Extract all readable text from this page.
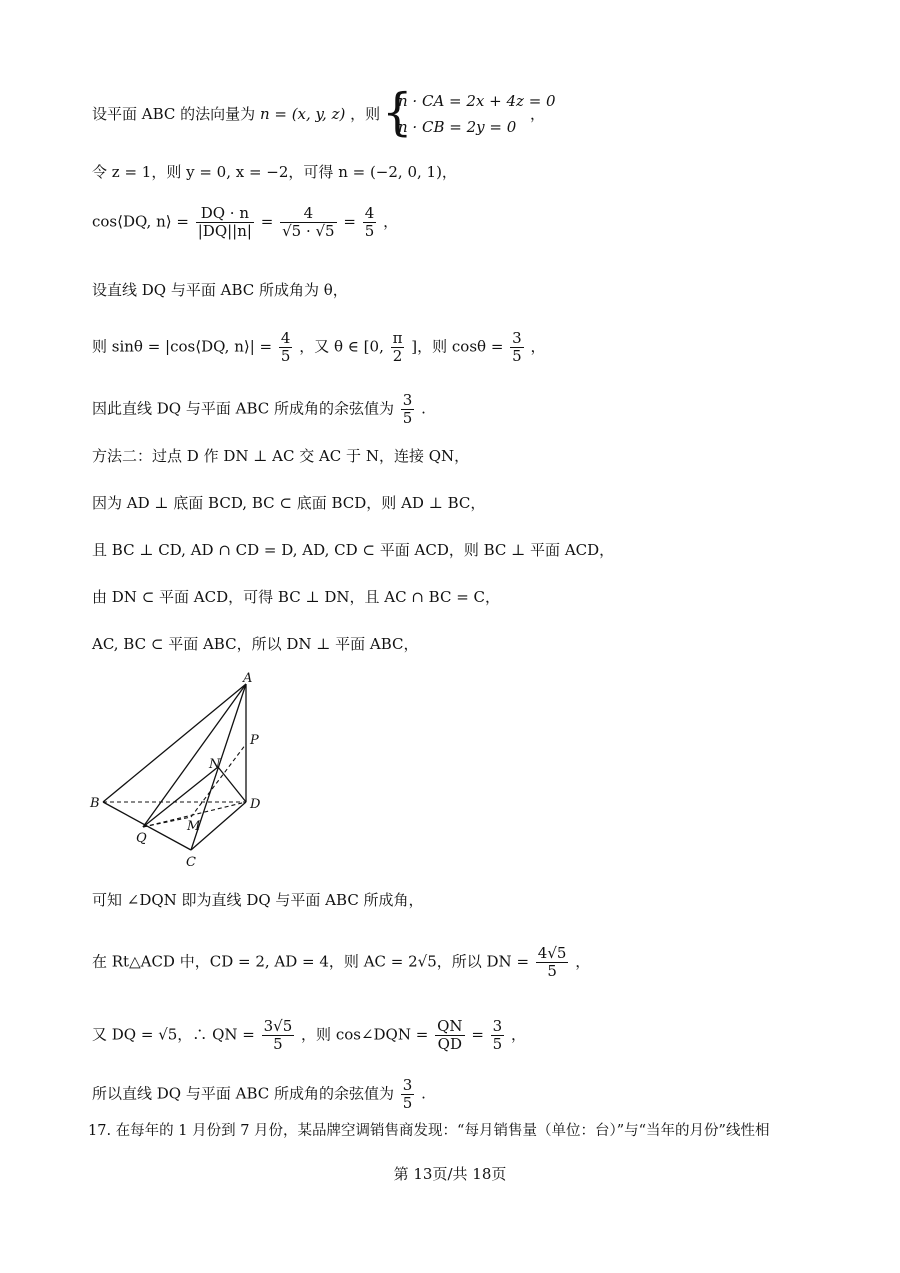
设平面 ABC 的法向量为 n = (x, y, z) ，则 {
n · CA = 2x + 4z = 0
n · CB = 2y = 0
，
令 z = 1，则 y = 0, x = −2，可得 n = (−2, 0, 1)，
cos⟨DQ, n⟩ = $\frac{DQ \cdot n}{|DQ||n|} = \frac{4}{√5 \cdot √5} = \frac{4}{5}$ ，
设直线 DQ 与平面 ABC 所成角为 θ，
则 sinθ = |cos⟨DQ, n⟩| = $\frac{4}{5}$ ，又 θ ∈ [0, $\frac{\pi}{2}$ ]，则 $\cos\theta = \frac{3}{5}$ ，
因此直线 DQ 与平面 ABC 所成角的余弦值为 $\frac{3}{5}$ .
方法二：过点 D 作 DN ⊥ AC 交 AC 于 N，连接 QN，
因为 AD ⊥ 底面 BCD, BC ⊂ 底面 BCD，则 AD ⊥ BC，
且 BC ⊥ CD, AD ∩ CD = D, AD, CD ⊂ 平面 ACD，则 BC ⊥ 平面 ACD，
由 DN ⊂ 平面 ACD，可得 BC ⊥ DN，且 AC ∩ BC = C，
AC, BC ⊂ 平面 ABC，所以 DN ⊥ 平面 ABC，
A
B
C
D
P
N
M
Q
可知 ∠DQN 即为直线 DQ 与平面 ABC 所成角，
在 Rt△ACD 中，CD = 2, AD = 4，则 AC = 2√5，所以 DN = $\frac{4√5}{5}$ ，
又 DQ = √5，∴ QN = $\frac{3√5}{5}$ ，则 cos∠DQN = $\frac{QN}{QD} = \frac{3}{5}$ ，
所以直线 DQ 与平面 ABC 所成角的余弦值为 $\frac{3}{5}$ .
17. 在每年的 1 月份到 7 月份，某品牌空调销售商发现：“每月销售量（单位：台）”与“当年的月份”线性相
第 13页/共 18页
